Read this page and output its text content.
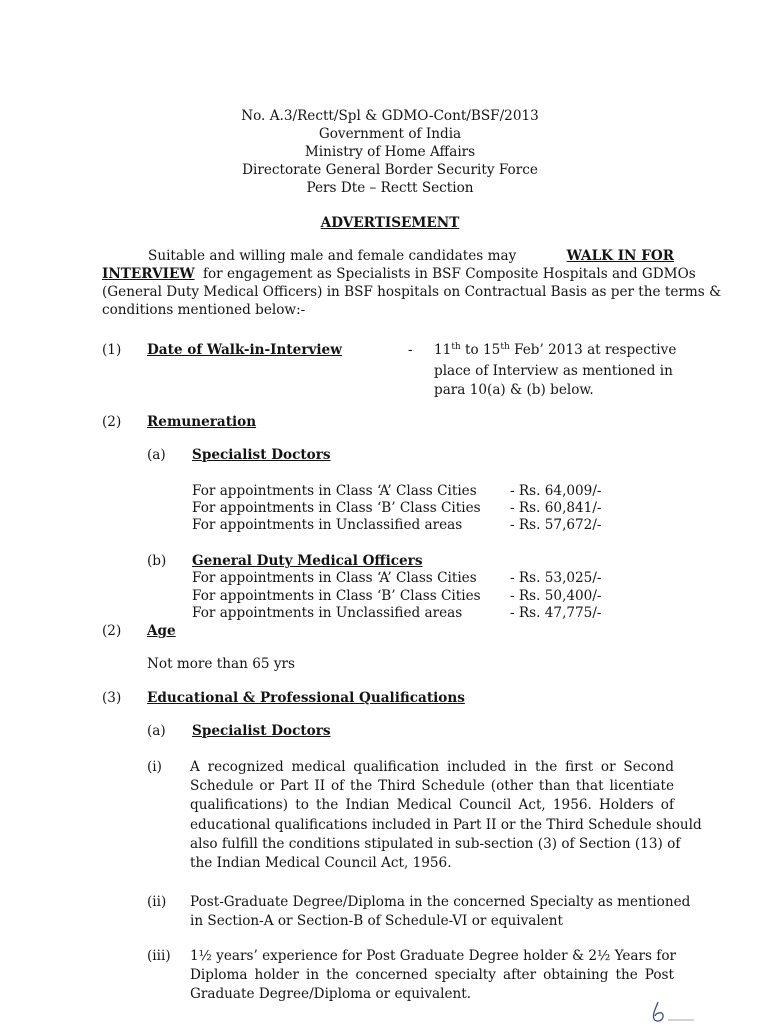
No. A.3/Rectt/Spl & GDMO-Cont/BSF/2013
Government of India
Ministry of Home Affairs
Directorate General Border Security Force
Pers Dte – Rectt Section
ADVERTISEMENT
Suitable and willing male and female candidates may	WALK IN FOR
INTERVIEW for engagement as Specialists in BSF Composite Hospitals and GDMOs
(General Duty Medical Officers) in BSF hospitals on Contractual Basis as per the terms &
conditions mentioned below:-
(1) Date of Walk-in-Interview	- 11th to 15th Feb’ 2013 at respective
place of Interview as mentioned in
para 10(a) & (b) below.
(2) Remuneration
(a) Specialist Doctors
For appointments in Class ‘A’ Class Cities - Rs. 64,009/-
For appointments in Class ‘B’ Class Cities - Rs. 60,841/-
For appointments in Unclassified areas	- Rs. 57,672/-
(b) General Duty Medical Officers
For appointments in Class ‘A’ Class Cities - Rs. 53,025/-
For appointments in Class ‘B’ Class Cities - Rs. 50,400/-
For appointments in Unclassified areas	- Rs. 47,775/-
(2) Age
Not more than 65 yrs
(3) Educational & Professional Qualifications
(a) Specialist Doctors
(i) A recognized medical qualification included in the first or Second
Schedule or Part II of the Third Schedule (other than that licentiate
qualifications) to the Indian Medical Council Act, 1956. Holders of
educational qualifications included in Part II or the Third Schedule should
also fulfill the conditions stipulated in sub-section (3) of Section (13) of
the Indian Medical Council Act, 1956.
(ii) Post-Graduate Degree/Diploma in the concerned Specialty as mentioned
in Section-A or Section-B of Schedule-VI or equivalent
(iii) 1½ years’ experience for Post Graduate Degree holder & 2½ Years for
Diploma holder in the concerned specialty after obtaining the Post
Graduate Degree/Diploma or equivalent.
